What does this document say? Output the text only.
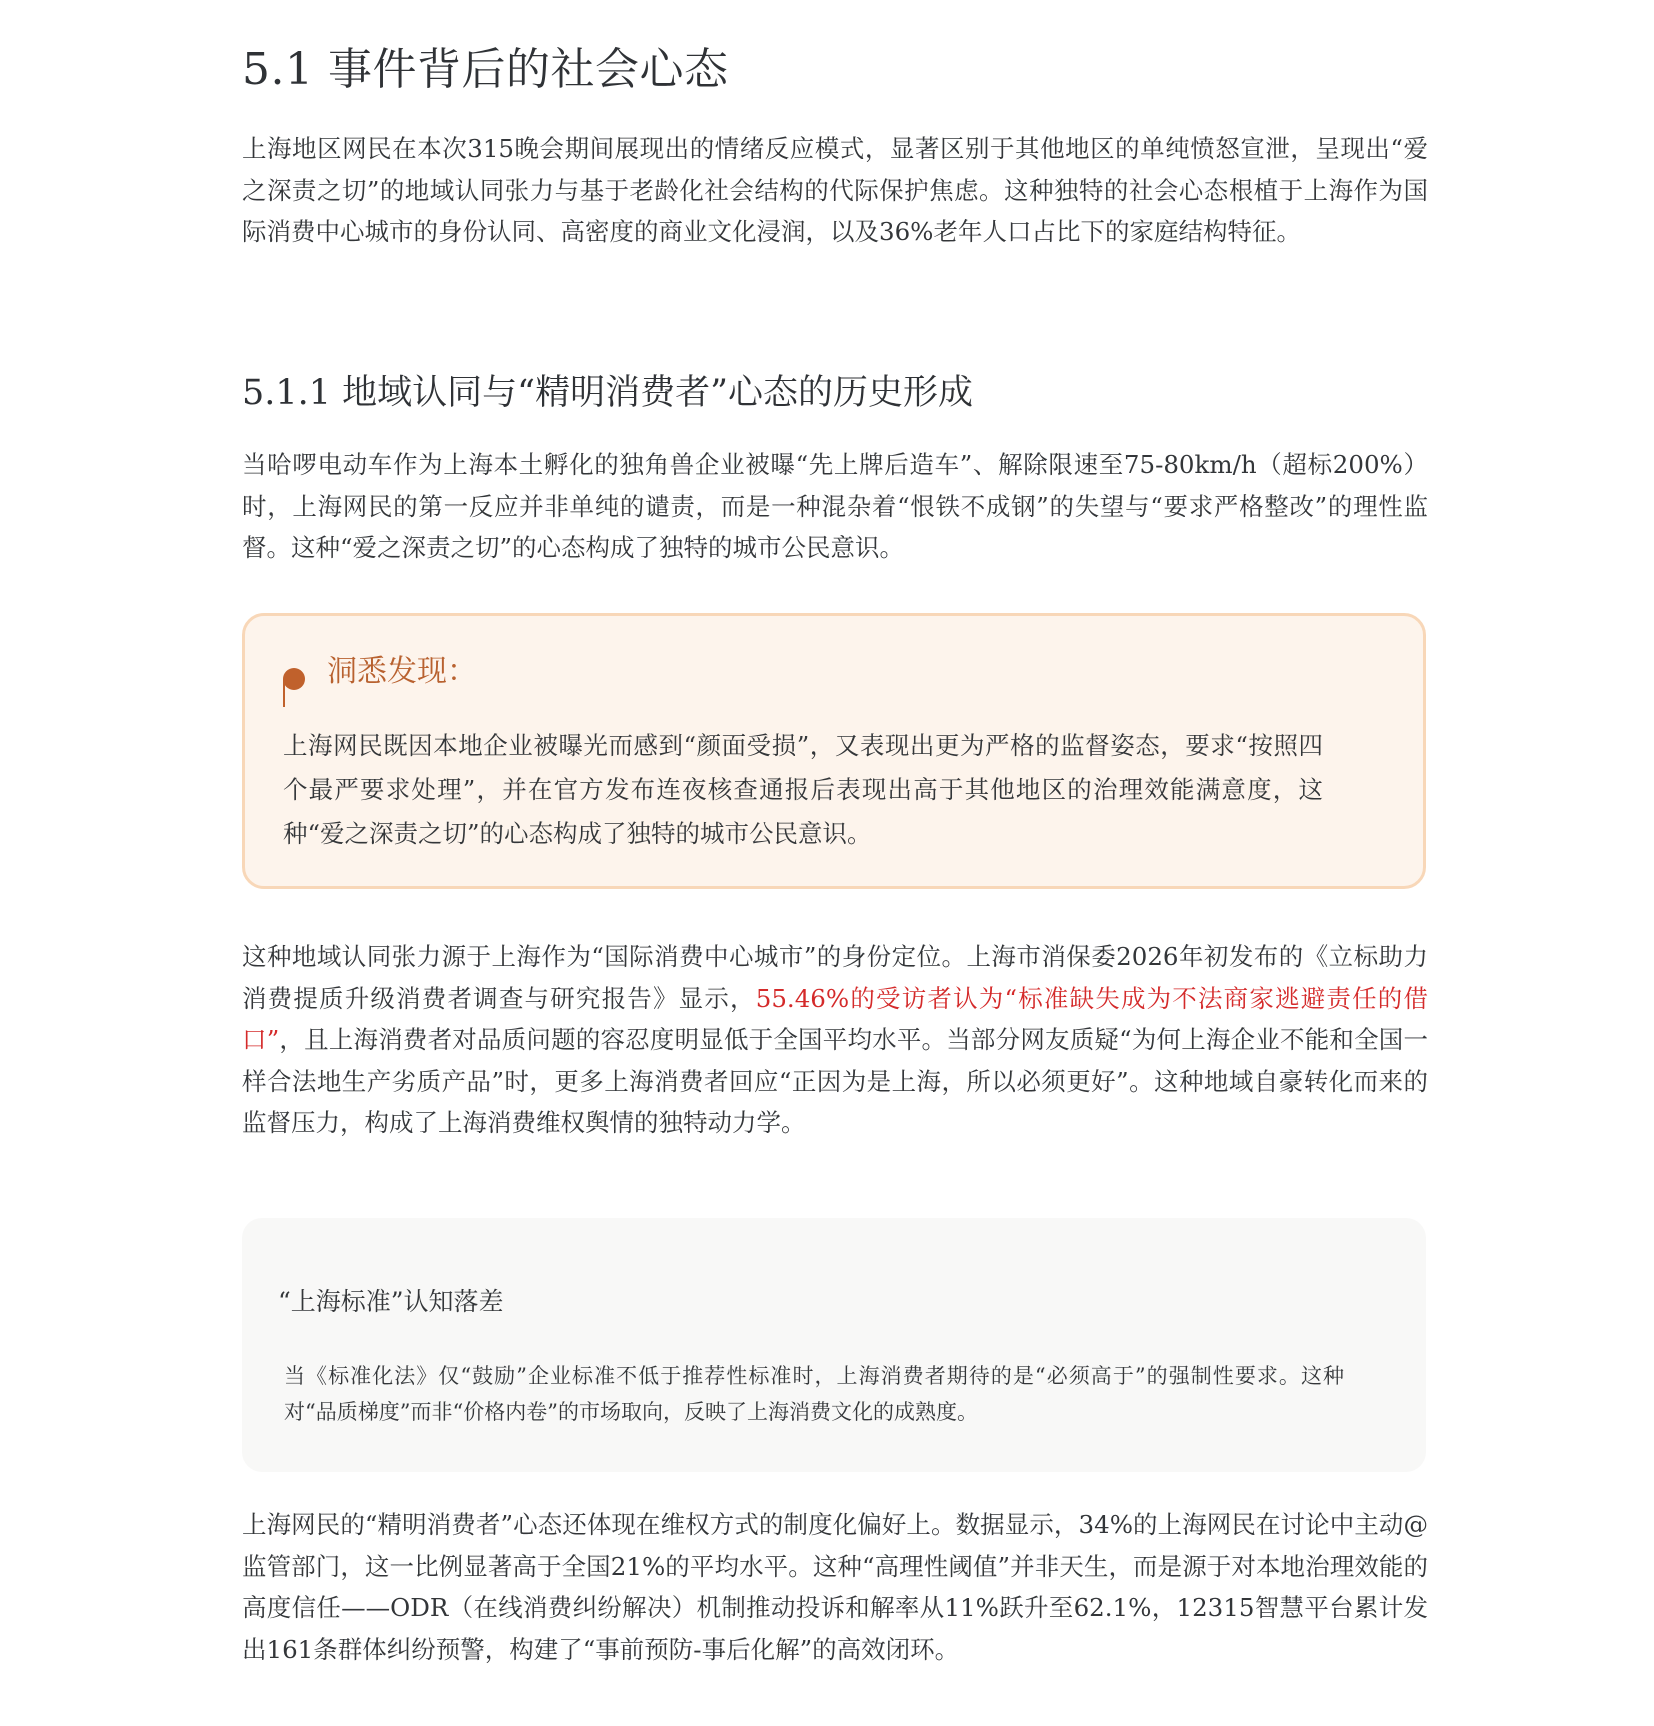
5.1 事件背后的社会心态

上海地区网民在本次315晚会期间展现出的情绪反应模式，显著区别于其他地区的单纯愤怒宣泄，呈现出“爱之深责之切”的地域认同张力与基于老龄化社会结构的代际保护焦虑。这种独特的社会心态根植于上海作为国际消费中心城市的身份认同、高密度的商业文化浸润，以及36%老年人口占比下的家庭结构特征。

5.1.1 地域认同与“精明消费者”心态的历史形成

当哈啰电动车作为上海本土孵化的独角兽企业被曝“先上牌后造车”、解除限速至75-80km/h（超标200%）时，上海网民的第一反应并非单纯的谴责，而是一种混杂着“恨铁不成钢”的失望与“要求严格整改”的理性监督。这种“爱之深责之切”的心态构成了独特的城市公民意识。

洞悉发现：

上海网民既因本地企业被曝光而感到“颜面受损”，又表现出更为严格的监督姿态，要求“按照四个最严要求处理”，并在官方发布连夜核查通报后表现出高于其他地区的治理效能满意度，这种“爱之深责之切”的心态构成了独特的城市公民意识。

这种地域认同张力源于上海作为“国际消费中心城市”的身份定位。上海市消保委2026年初发布的《立标助力消费提质升级消费者调查与研究报告》显示，55.46%的受访者认为“标准缺失成为不法商家逃避责任的借口”，且上海消费者对品质问题的容忍度明显低于全国平均水平。当部分网友质疑“为何上海企业不能和全国一样合法地生产劣质产品”时，更多上海消费者回应“正因为是上海，所以必须更好”。这种地域自豪转化而来的监督压力，构成了上海消费维权舆情的独特动力学。

“上海标准”认知落差

当《标准化法》仅“鼓励”企业标准不低于推荐性标准时，上海消费者期待的是“必须高于”的强制性要求。这种对“品质梯度”而非“价格内卷”的市场取向，反映了上海消费文化的成熟度。

上海网民的“精明消费者”心态还体现在维权方式的制度化偏好上。数据显示，34%的上海网民在讨论中主动@监管部门，这一比例显著高于全国21%的平均水平。这种“高理性阈值”并非天生，而是源于对本地治理效能的高度信任——ODR（在线消费纠纷解决）机制推动投诉和解率从11%跃升至62.1%，12315智慧平台累计发出161条群体纠纷预警，构建了“事前预防-事后化解”的高效闭环。
